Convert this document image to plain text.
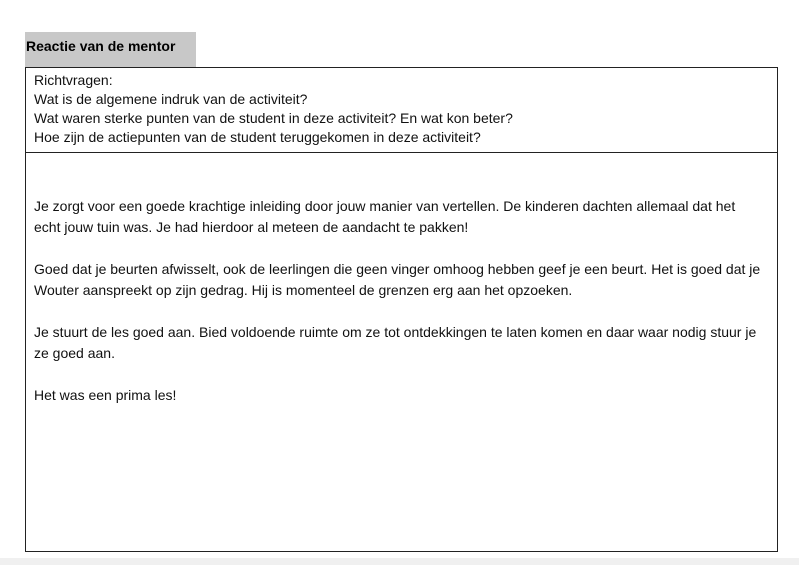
Reactie van de mentor
Richtvragen:
Wat is de algemene indruk van de activiteit?
Wat waren sterke punten van de student in deze activiteit? En wat kon beter?
Hoe zijn de actiepunten van de student teruggekomen in deze activiteit?

Je zorgt voor een goede krachtige inleiding door jouw manier van vertellen. De kinderen dachten allemaal dat het echt jouw tuin was. Je had hierdoor al meteen de aandacht te pakken!

Goed dat je beurten afwisselt, ook de leerlingen die geen vinger omhoog hebben geef je een beurt. Het is goed dat je Wouter aanspreekt op zijn gedrag. Hij is momenteel de grenzen erg aan het opzoeken.

Je stuurt de les goed aan. Bied voldoende ruimte om ze tot ontdekkingen te laten komen en daar waar nodig stuur je ze goed aan.

Het was een prima les!
